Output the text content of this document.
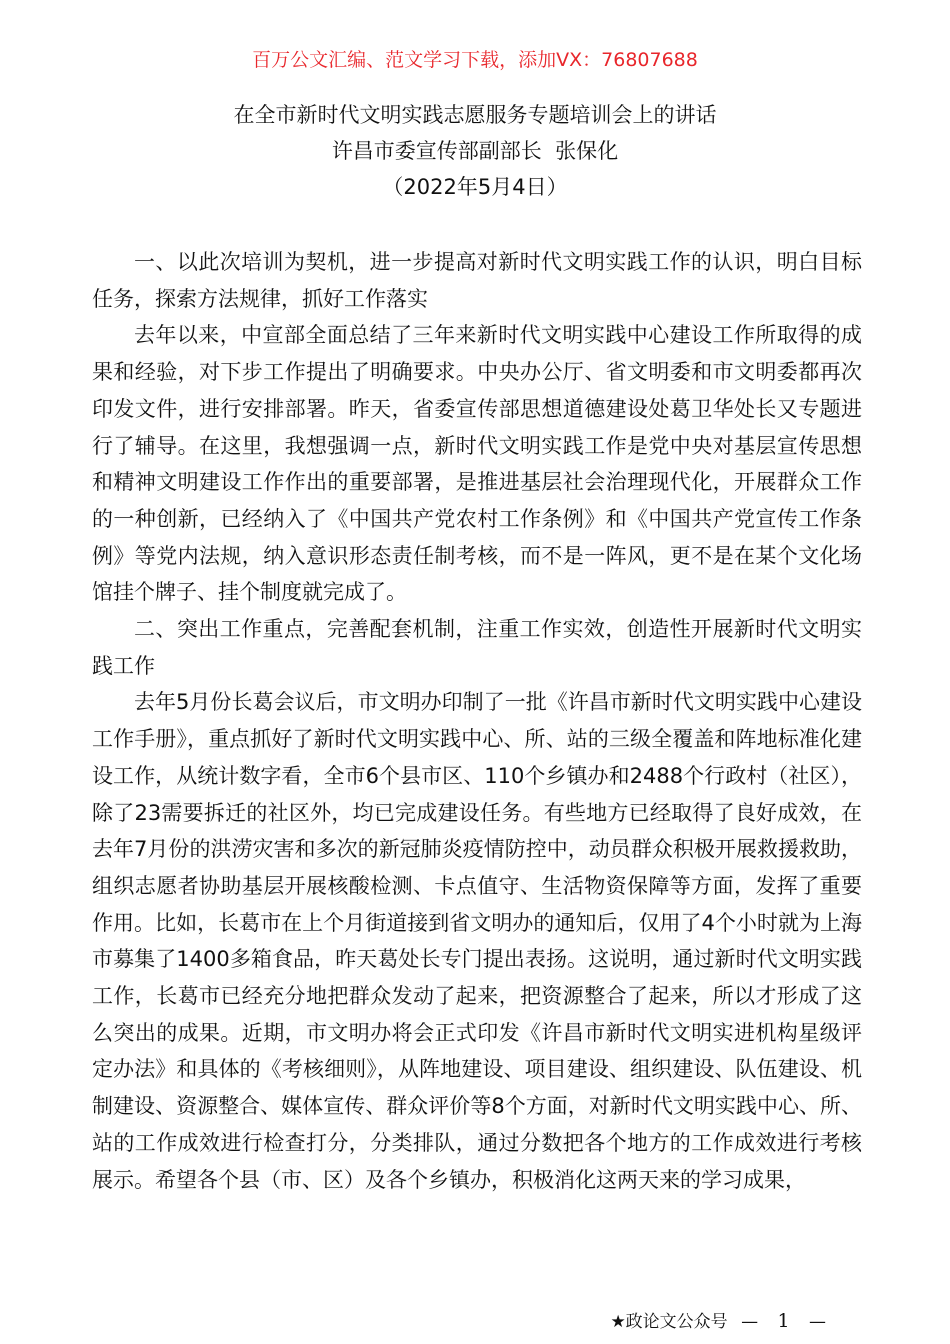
百万公文汇编、范文学习下载，添加VX：76807688
在全市新时代文明实践志愿服务专题培训会上的讲话
许昌市委宣传部副部长  张保化
（2022年5月4日）

一、以此次培训为契机，进一步提高对新时代文明实践工作的认识，明白目标任务，探索方法规律，抓好工作落实

去年以来，中宣部全面总结了三年来新时代文明实践中心建设工作所取得的成果和经验，对下步工作提出了明确要求。中央办公厅、省文明委和市文明委都再次印发文件，进行安排部署。昨天，省委宣传部思想道德建设处葛卫华处长又专题进行了辅导。在这里，我想强调一点，新时代文明实践工作是党中央对基层宣传思想和精神文明建设工作作出的重要部署，是推进基层社会治理现代化，开展群众工作的一种创新，已经纳入了《中国共产党农村工作条例》和《中国共产党宣传工作条例》等党内法规，纳入意识形态责任制考核，而不是一阵风，更不是在某个文化场馆挂个牌子、挂个制度就完成了。

二、突出工作重点，完善配套机制，注重工作实效，创造性开展新时代文明实践工作

去年5月份长葛会议后，市文明办印制了一批《许昌市新时代文明实践中心建设工作手册》，重点抓好了新时代文明实践中心、所、站的三级全覆盖和阵地标准化建设工作，从统计数字看，全市6个县市区、110个乡镇办和2488个行政村（社区），除了23需要拆迁的社区外，均已完成建设任务。有些地方已经取得了良好成效，在去年7月份的洪涝灾害和多次的新冠肺炎疫情防控中，动员群众积极开展救援救助，组织志愿者协助基层开展核酸检测、卡点值守、生活物资保障等方面，发挥了重要作用。比如，长葛市在上个月街道接到省文明办的通知后，仅用了4个小时就为上海市募集了1400多箱食品，昨天葛处长专门提出表扬。这说明，通过新时代文明实践工作，长葛市已经充分地把群众发动了起来，把资源整合了起来，所以才形成了这么突出的成果。近期，市文明办将会正式印发《许昌市新时代文明实进机构星级评定办法》和具体的《考核细则》，从阵地建设、项目建设、组织建设、队伍建设、机制建设、资源整合、媒体宣传、群众评价等8个方面，对新时代文明实践中心、所、站的工作成效进行检查打分，分类排队，通过分数把各个地方的工作成效进行考核展示。希望各个县（市、区）及各个乡镇办，积极消化这两天来的学习成果，

★政论文公众号 — 1 —
